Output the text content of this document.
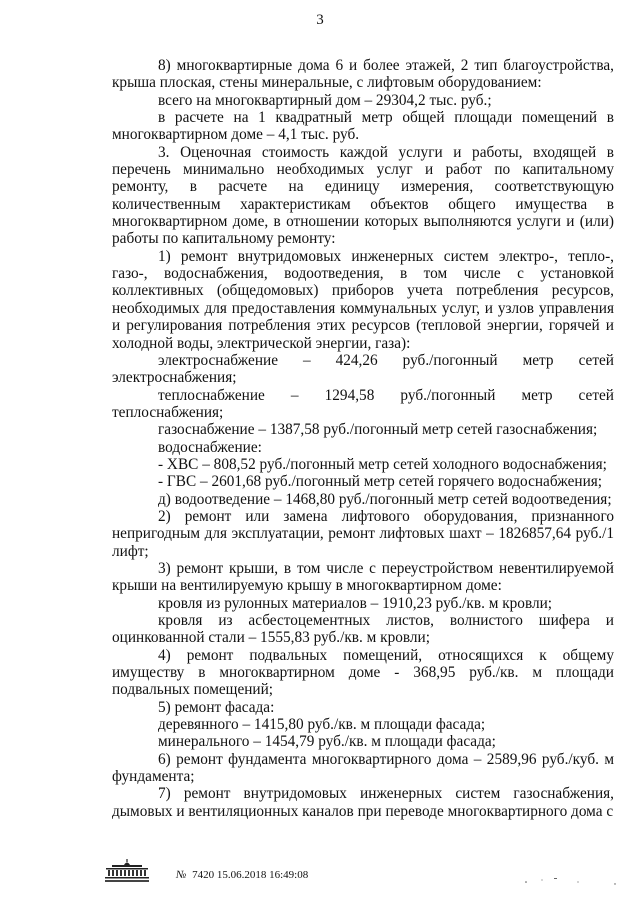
3

8) многоквартирные дома 6 и более этажей, 2 тип благоустройства, крыша плоская, стены минеральные, с лифтовым оборудованием:

всего на многоквартирный дом – 29304,2 тыс. руб.;

в расчете на 1 квадратный метр общей площади помещений в многоквартирном доме – 4,1 тыс. руб.

3. Оценочная стоимость каждой услуги и работы, входящей в перечень минимально необходимых услуг и работ по капитальному ремонту, в расчете на единицу измерения, соответствующую количественным характеристикам объектов общего имущества в многоквартирном доме, в отношении которых выполняются услуги и (или) работы по капитальному ремонту:

1) ремонт внутридомовых инженерных систем электро-, тепло-, газо-, водоснабжения, водоотведения, в том числе с установкой коллективных (общедомовых) приборов учета потребления ресурсов, необходимых для предоставления коммунальных услуг, и узлов управления и регулирования потребления этих ресурсов (тепловой энергии, горячей и холодной воды, электрической энергии, газа):

электроснабжение – 424,26 руб./погонный метр сетей электроснабжения;

теплоснабжение – 1294,58 руб./погонный метр сетей теплоснабжения;

газоснабжение – 1387,58 руб./погонный метр сетей газоснабжения;

водоснабжение:

- ХВС – 808,52 руб./погонный метр сетей холодного водоснабжения;

- ГВС – 2601,68 руб./погонный метр сетей горячего водоснабжения;

д) водоотведение – 1468,80 руб./погонный метр сетей водоотведения;

2) ремонт или замена лифтового оборудования, признанного непригодным для эксплуатации, ремонт лифтовых шахт – 1826857,64 руб./1 лифт;

3) ремонт крыши, в том числе с переустройством невентилируемой крыши на вентилируемую крышу в многоквартирном доме:

кровля из рулонных материалов – 1910,23 руб./кв. м кровли;

кровля из асбестоцементных листов, волнистого шифера и оцинкованной стали – 1555,83 руб./кв. м кровли;

4) ремонт подвальных помещений, относящихся к общему имуществу в многоквартирном доме - 368,95 руб./кв. м площади подвальных помещений;

5) ремонт фасада:

деревянного – 1415,80 руб./кв. м площади фасада;

минерального – 1454,79 руб./кв. м площади фасада;

6) ремонт фундамента многоквартирного дома – 2589,96 руб./куб. м фундамента;

7) ремонт внутридомовых инженерных систем газоснабжения, дымовых и вентиляционных каналов при переводе многоквартирного дома с

№ 7420 15.06.2018 16:49:08
